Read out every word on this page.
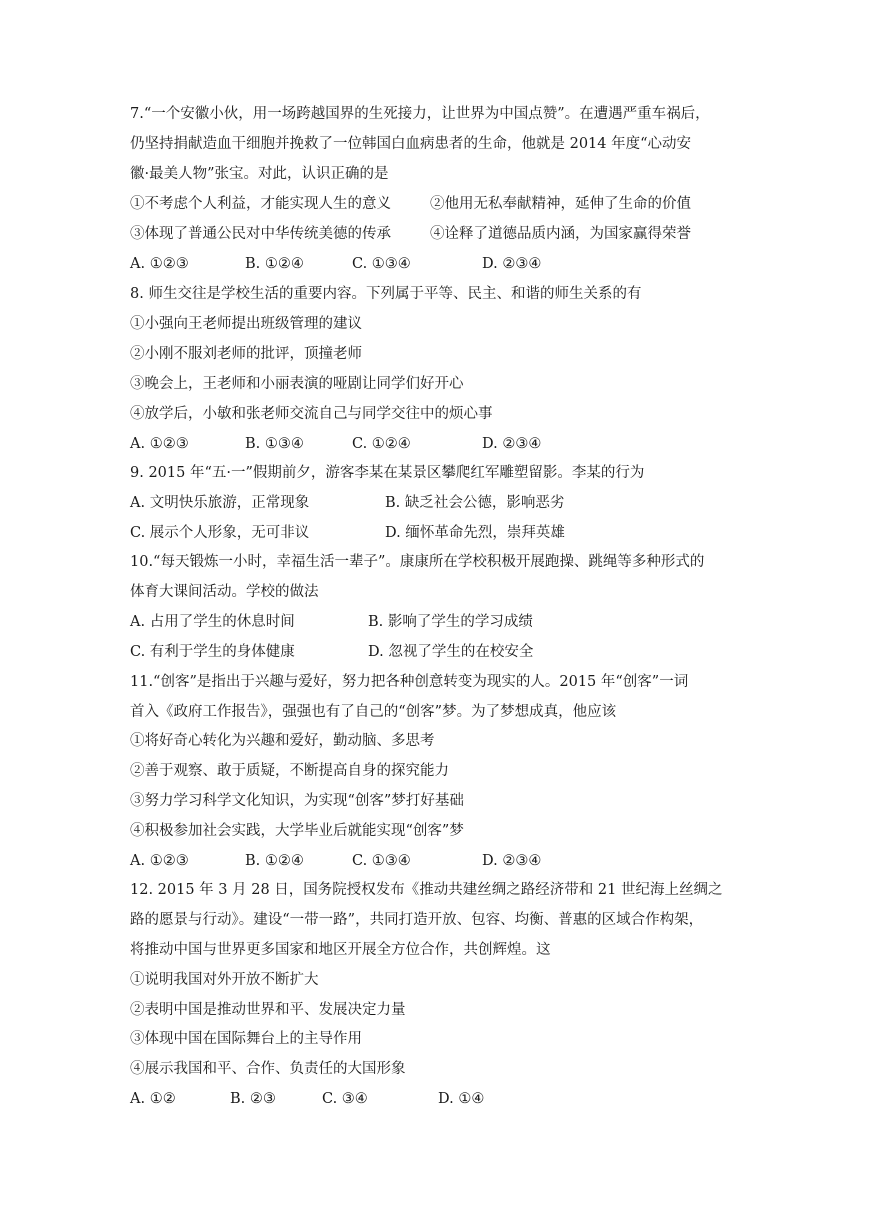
7.“一个安徽小伙，用一场跨越国界的生死接力，让世界为中国点赞”。在遭遇严重车祸后，

仍坚持捐献造血干细胞并挽救了一位韩国白血病患者的生命，他就是 2014 年度“心动安

徽·最美人物”张宝。对此，认识正确的是

①不考虑个人利益，才能实现人生的意义	②他用无私奉献精神，延伸了生命的价值

③体现了普通公民对中华传统美德的传承	④诠释了道德品质内涵，为国家赢得荣誉

A. ①②③	B. ①②④	C. ①③④	D. ②③④

8. 师生交往是学校生活的重要内容。下列属于平等、民主、和谐的师生关系的有

①小强向王老师提出班级管理的建议

②小刚不服刘老师的批评，顶撞老师

③晚会上，王老师和小丽表演的哑剧让同学们好开心

④放学后，小敏和张老师交流自己与同学交往中的烦心事

A. ①②③	B. ①③④	C. ①②④	D. ②③④

9. 2015 年“五·一”假期前夕，游客李某在某景区攀爬红军雕塑留影。李某的行为

A. 文明快乐旅游，正常现象	B. 缺乏社会公德，影响恶劣

C. 展示个人形象，无可非议	D. 缅怀革命先烈，崇拜英雄

10.“每天锻炼一小时，幸福生活一辈子”。康康所在学校积极开展跑操、跳绳等多种形式的

体育大课间活动。学校的做法

A. 占用了学生的休息时间	B. 影响了学生的学习成绩

C. 有利于学生的身体健康	D. 忽视了学生的在校安全

11.“创客”是指出于兴趣与爱好，努力把各种创意转变为现实的人。2015 年“创客”一词

首入《政府工作报告》，强强也有了自己的“创客”梦。为了梦想成真，他应该

①将好奇心转化为兴趣和爱好，勤动脑、多思考

②善于观察、敢于质疑，不断提高自身的探究能力

③努力学习科学文化知识，为实现“创客”梦打好基础

④积极参加社会实践，大学毕业后就能实现“创客”梦

A. ①②③	B. ①②④	C. ①③④	D. ②③④

12. 2015 年 3 月 28 日，国务院授权发布《推动共建丝绸之路经济带和 21 世纪海上丝绸之

路的愿景与行动》。建设“一带一路”，共同打造开放、包容、均衡、普惠的区域合作构架，

将推动中国与世界更多国家和地区开展全方位合作，共创辉煌。这

①说明我国对外开放不断扩大

②表明中国是推动世界和平、发展决定力量

③体现中国在国际舞台上的主导作用

④展示我国和平、合作、负责任的大国形象

A. ①②	B. ②③	C. ③④	D. ①④
